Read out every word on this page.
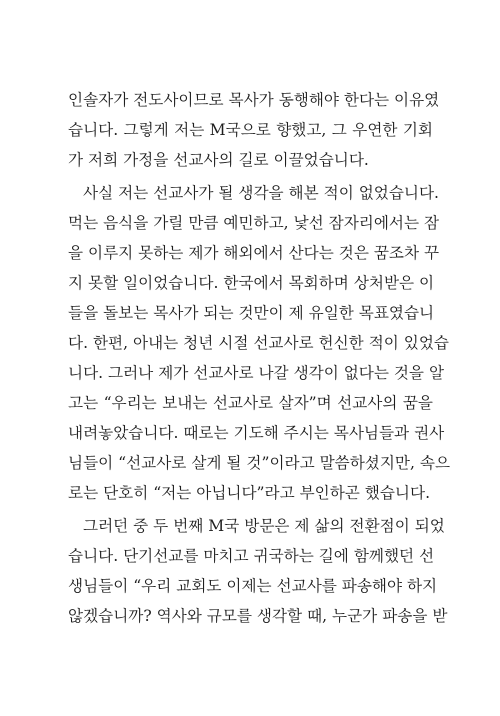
인솔자가 전도사이므로 목사가 동행해야 한다는 이유였
습니다. 그렇게 저는 M국으로 향했고, 그 우연한 기회
가 저희 가정을 선교사의 길로 이끌었습니다.
사실 저는 선교사가 될 생각을 해본 적이 없었습니다.
먹는 음식을 가릴 만큼 예민하고, 낯선 잠자리에서는 잠
을 이루지 못하는 제가 해외에서 산다는 것은 꿈조차 꾸
지 못할 일이었습니다. 한국에서 목회하며 상처받은 이
들을 돌보는 목사가 되는 것만이 제 유일한 목표였습니
다. 한편, 아내는 청년 시절 선교사로 헌신한 적이 있었습
니다. 그러나 제가 선교사로 나갈 생각이 없다는 것을 알
고는 “우리는 보내는 선교사로 살자”며 선교사의 꿈을
내려놓았습니다. 때로는 기도해 주시는 목사님들과 권사
님들이 “선교사로 살게 될 것”이라고 말씀하셨지만, 속으
로는 단호히 “저는 아닙니다”라고 부인하곤 했습니다.
그러던 중 두 번째 M국 방문은 제 삶의 전환점이 되었
습니다. 단기선교를 마치고 귀국하는 길에 함께했던 선
생님들이 “우리 교회도 이제는 선교사를 파송해야 하지
않겠습니까? 역사와 규모를 생각할 때, 누군가 파송을 받
